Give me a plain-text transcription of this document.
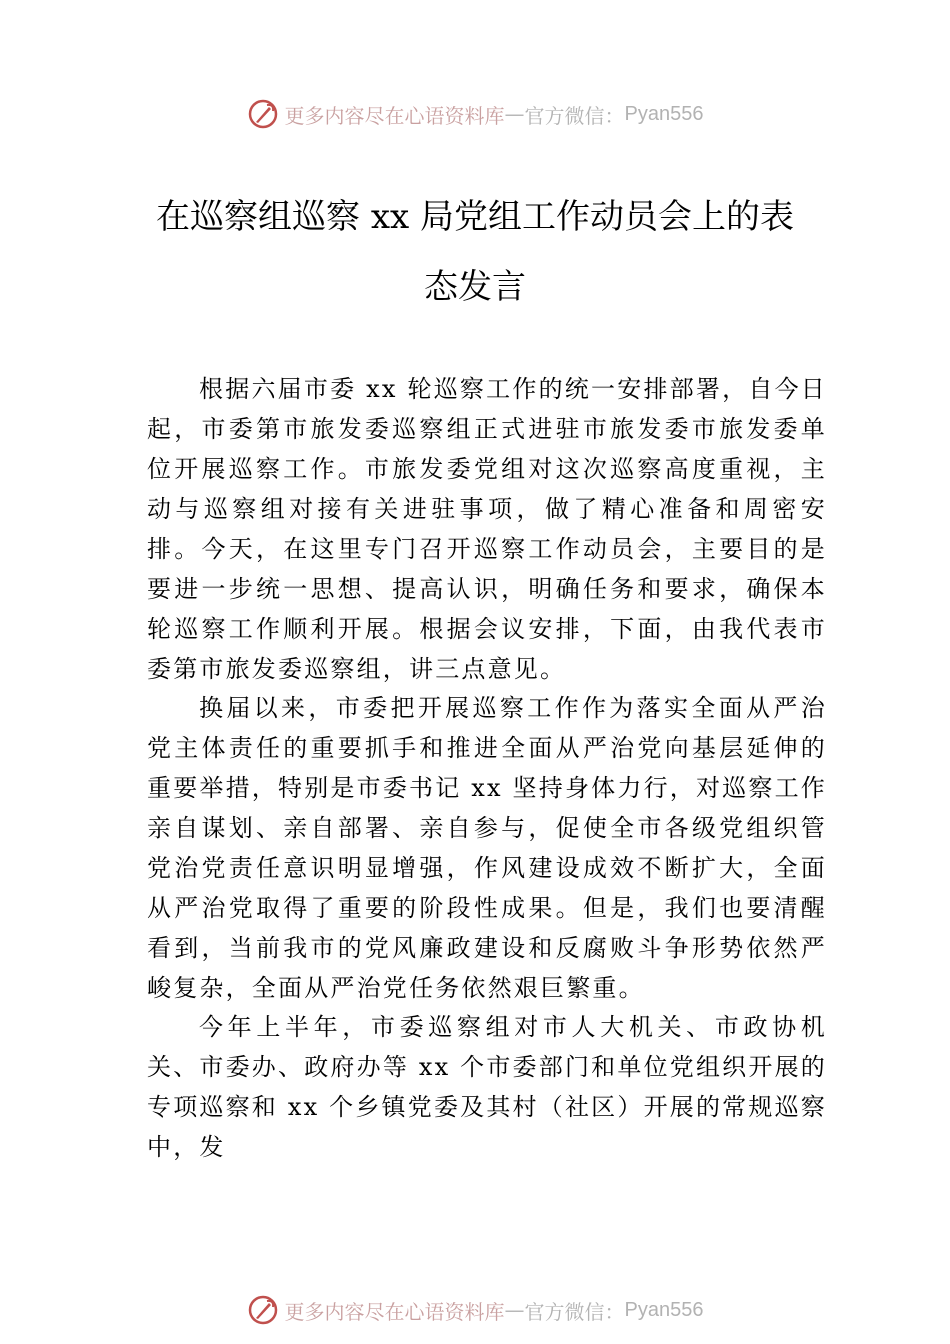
更多内容尽在心语资料库 — 官方微信： Pyan556
在巡察组巡察 xx 局党组工作动员会上的表
态发言

根据六届市委 xx 轮巡察工作的统一安排部署，自今日起，市委第市旅发委巡察组正式进驻市旅发委市旅发委单位开展巡察工作。市旅发委党组对这次巡察高度重视，主动与巡察组对接有关进驻事项，做了精心准备和周密安排。今天，在这里专门召开巡察工作动员会，主要目的是要进一步统一思想、提高认识，明确任务和要求，确保本轮巡察工作顺利开展。根据会议安排，下面，由我代表市委第市旅发委巡察组，讲三点意见。

换届以来，市委把开展巡察工作作为落实全面从严治党主体责任的重要抓手和推进全面从严治党向基层延伸的重要举措，特别是市委书记 xx 坚持身体力行，对巡察工作亲自谋划、亲自部署、亲自参与，促使全市各级党组织管党治党责任意识明显增强，作风建设成效不断扩大，全面从严治党取得了重要的阶段性成果。但是，我们也要清醒看到，当前我市的党风廉政建设和反腐败斗争形势依然严峻复杂，全面从严治党任务依然艰巨繁重。

今年上半年，市委巡察组对市人大机关、市政协机关、市委办、政府办等 xx 个市委部门和单位党组织开展的专项巡察和 xx 个乡镇党委及其村（社区）开展的常规巡察中，发

更多内容尽在心语资料库 — 官方微信： Pyan556
